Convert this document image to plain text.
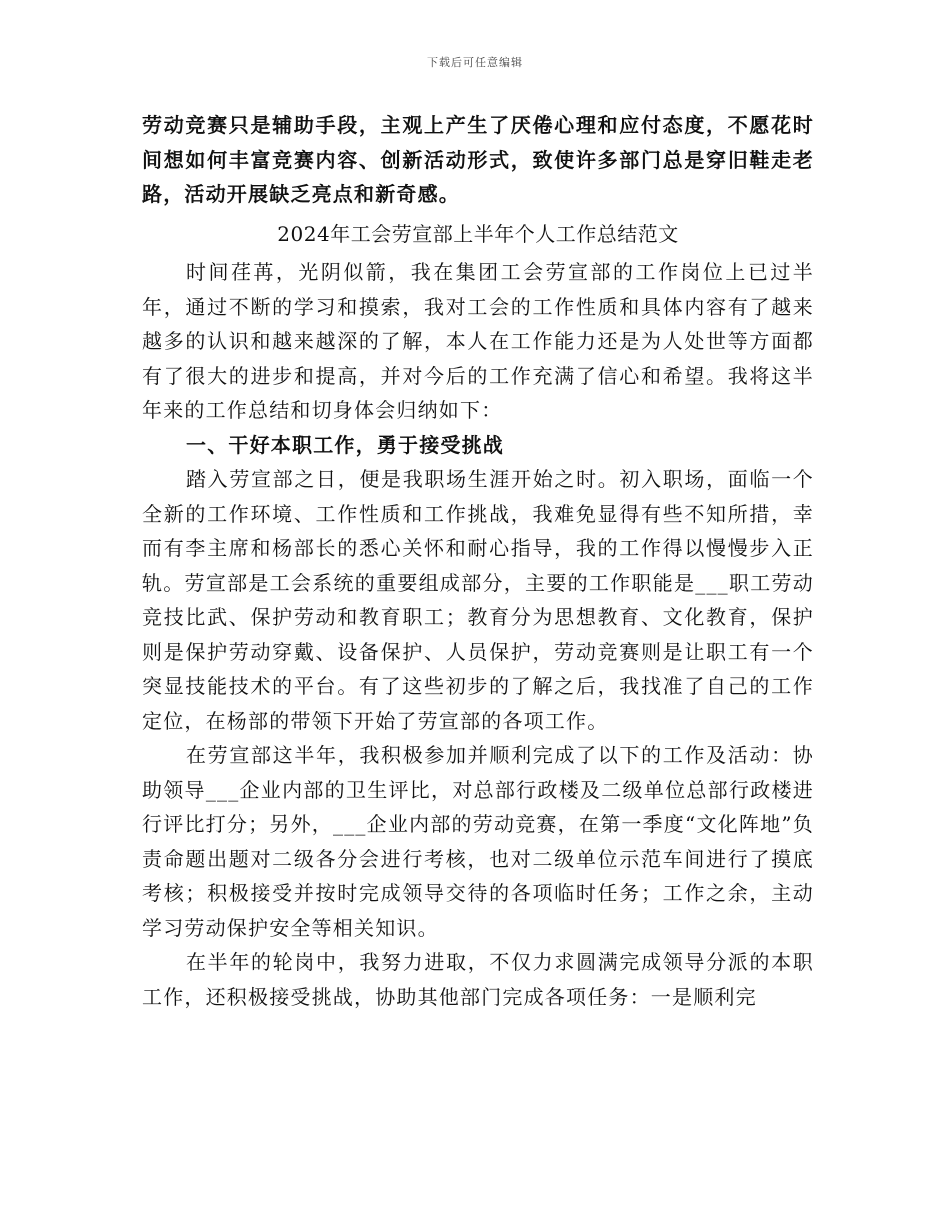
下载后可任意编辑

劳动竞赛只是辅助手段，主观上产生了厌倦心理和应付态度，不愿花时间想如何丰富竞赛内容、创新活动形式，致使许多部门总是穿旧鞋走老路，活动开展缺乏亮点和新奇感。

2024年工会劳宣部上半年个人工作总结范文

时间荏苒，光阴似箭，我在集团工会劳宣部的工作岗位上已过半年，通过不断的学习和摸索，我对工会的工作性质和具体内容有了越来越多的认识和越来越深的了解，本人在工作能力还是为人处世等方面都有了很大的进步和提高，并对今后的工作充满了信心和希望。我将这半年来的工作总结和切身体会归纳如下：

一、干好本职工作，勇于接受挑战

踏入劳宣部之日，便是我职场生涯开始之时。初入职场，面临一个全新的工作环境、工作性质和工作挑战，我难免显得有些不知所措，幸而有李主席和杨部长的悉心关怀和耐心指导，我的工作得以慢慢步入正轨。劳宣部是工会系统的重要组成部分，主要的工作职能是___职工劳动竞技比武、保护劳动和教育职工；教育分为思想教育、文化教育，保护则是保护劳动穿戴、设备保护、人员保护，劳动竞赛则是让职工有一个突显技能技术的平台。有了这些初步的了解之后，我找准了自己的工作定位，在杨部的带领下开始了劳宣部的各项工作。

在劳宣部这半年，我积极参加并顺利完成了以下的工作及活动：协助领导___企业内部的卫生评比，对总部行政楼及二级单位总部行政楼进行评比打分；另外，___企业内部的劳动竞赛，在第一季度“文化阵地”负责命题出题对二级各分会进行考核，也对二级单位示范车间进行了摸底考核；积极接受并按时完成领导交待的各项临时任务；工作之余，主动学习劳动保护安全等相关知识。

在半年的轮岗中，我努力进取，不仅力求圆满完成领导分派的本职工作，还积极接受挑战，协助其他部门完成各项任务：一是顺利完
